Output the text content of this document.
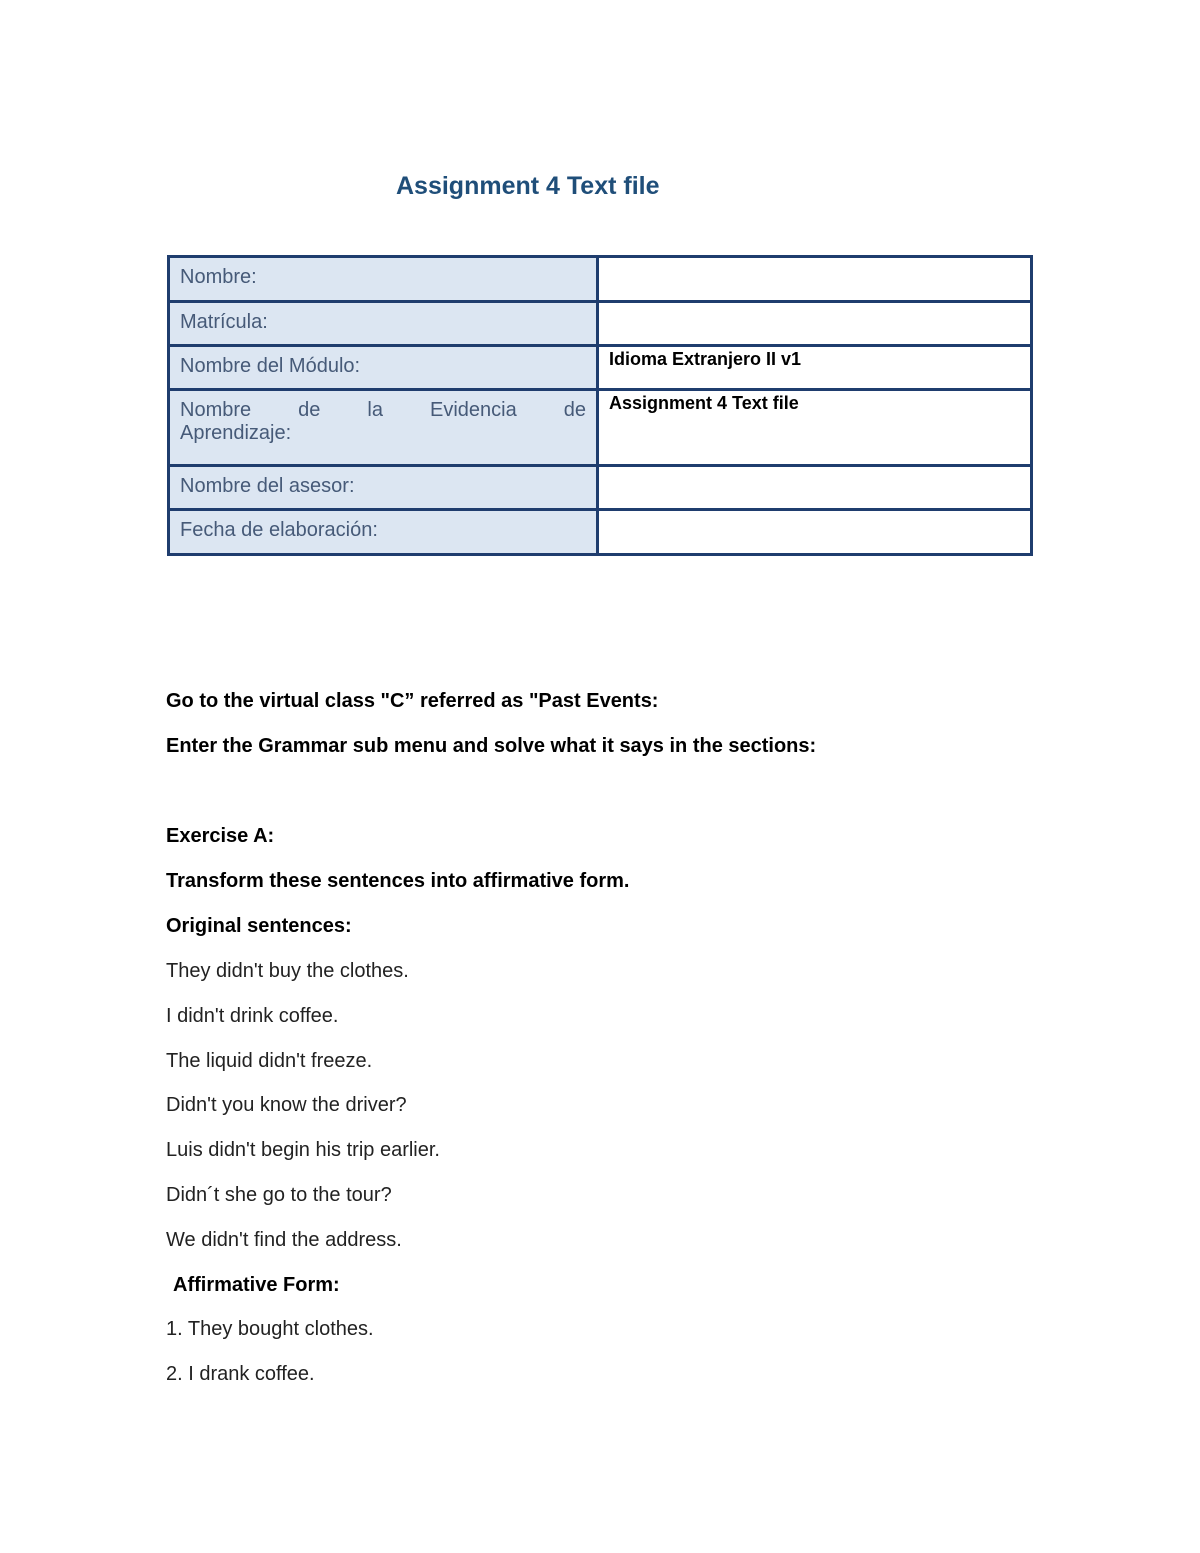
Assignment 4 Text file
Nombre:	
Matrícula:	
Nombre del Módulo:	Idioma Extranjero II v1

Nombre de la Evidencia de
Aprendizaje:	Assignment 4 Text file
Nombre del asesor:	
Fecha de elaboración:	
Go to the virtual class "C” referred as "Past Events:
Enter the Grammar sub menu and solve what it says in the sections:
Exercise A:
Transform these sentences into affirmative form.
Original sentences:
They didn't buy the clothes.
I didn't drink coffee.
The liquid didn't freeze.
Didn't you know the driver?
Luis didn't begin his trip earlier.
Didn´t she go to the tour?
We didn't find the address.
Affirmative Form:
1. They bought clothes.
2. I drank coffee.
